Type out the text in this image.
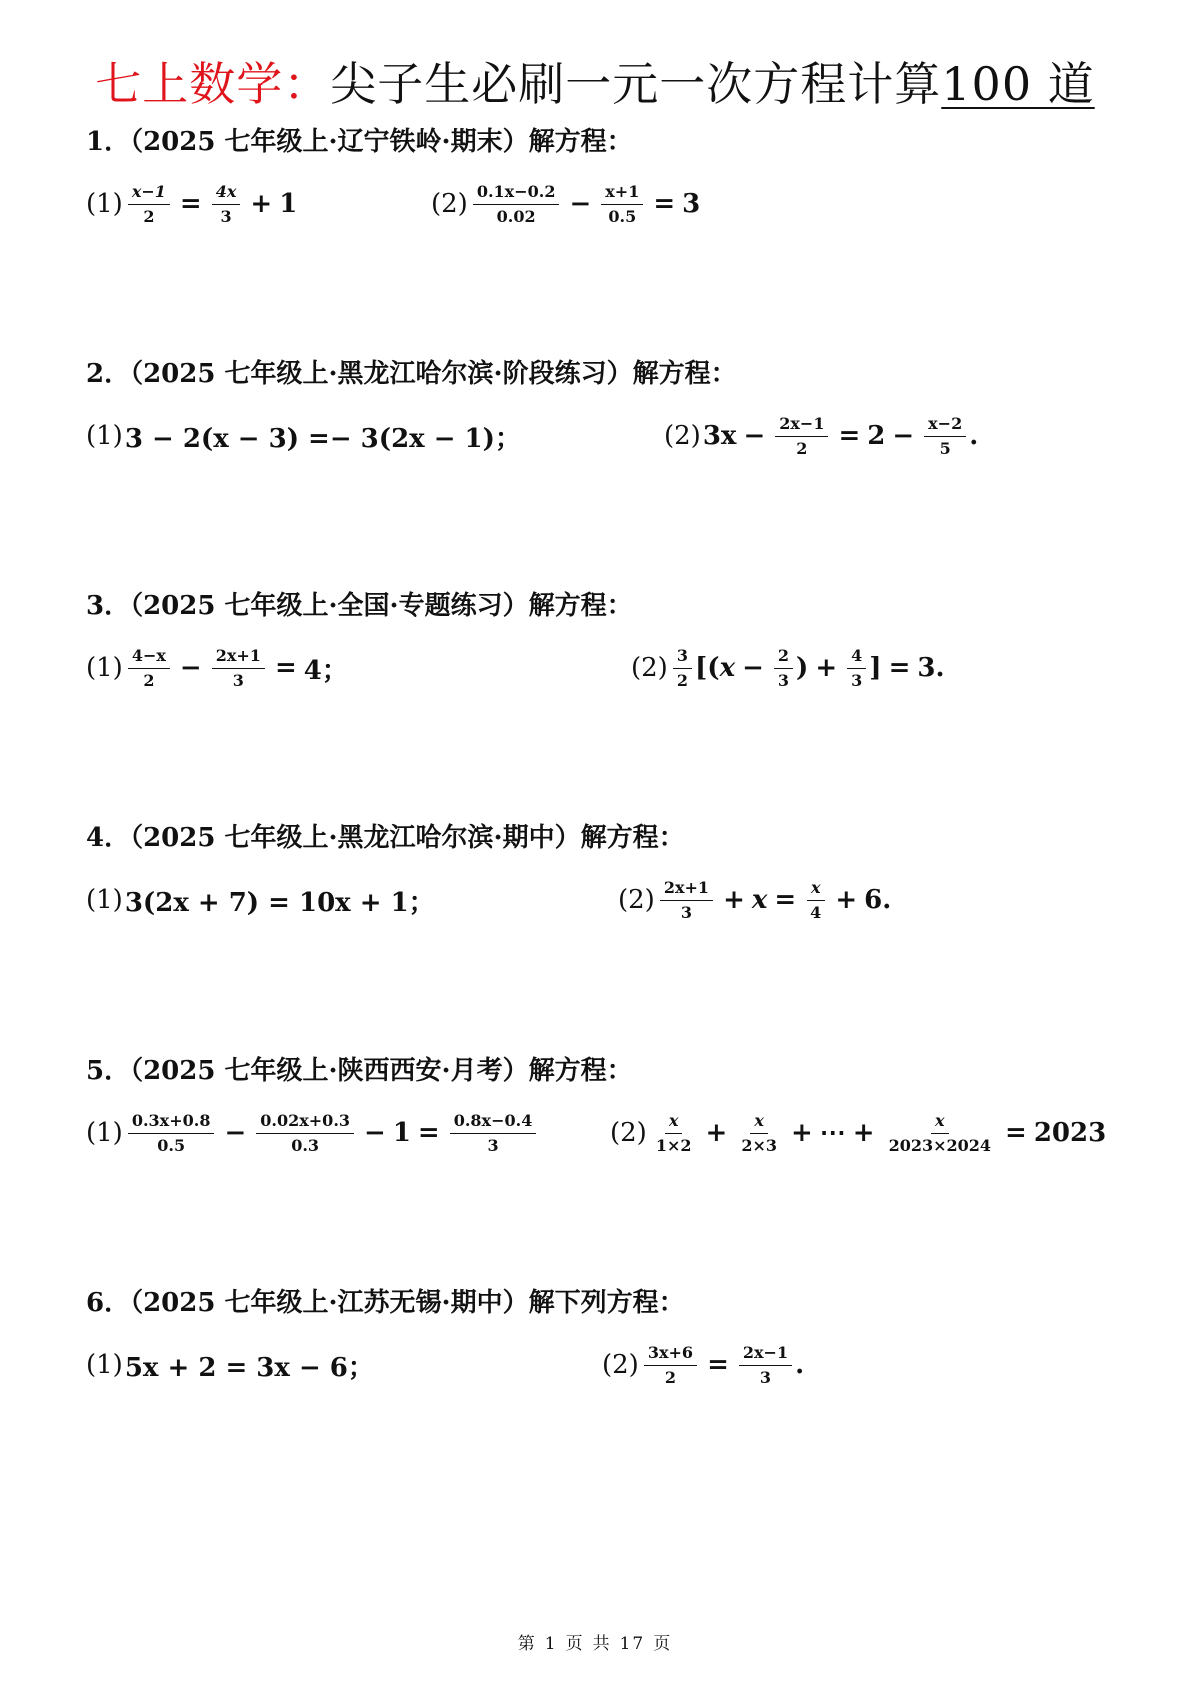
七上数学：尖子生必刷一元一次方程计算100 道
1．（2025 七年级上·辽宁铁岭·期末）解方程：
$(1) \frac{x-1}{2} = \frac{4x}{3} + 1$	$(2) \frac{0.1x-0.2}{0.02} - \frac{x+1}{0.5} = 3$
2．（2025 七年级上·黑龙江哈尔滨·阶段练习）解方程：
(1) 3 − 2(x − 3) =− 3(2x − 1)；	(2) $3x - \frac{2x-1}{2} = 2 - \frac{x-2}{5}$ .
3．（2025 七年级上·全国·专题练习）解方程：
$(1) \frac{4-x}{2} - \frac{2x+1}{3} = 4$；	$(2) \frac{3}{2}$ [( $x - \frac{2}{3}$ ) + $\frac{4}{3}$ ] = 3.
4．（2025 七年级上·黑龙江哈尔滨·期中）解方程：
(1) 3(2x + 7) = 10x + 1；	$(2) \frac{2x+1}{3} + x = \frac{x}{4} + 6$.
5．（2025 七年级上·陕西西安·月考）解方程：
$(1) \frac{0.3x+0.8}{0.5} - \frac{0.02x+0.3}{0.3} - 1 = \frac{0.8x-0.4}{3}$	$(2) \frac{x}{1\times 2} + \frac{x}{2\times 3}$ + ⋯ + $\frac{x}{2023\times 2024} = 2023$
6．（2025 七年级上·江苏无锡·期中）解下列方程：
(1) 5x + 2 = 3x − 6；	$(2) \frac{3x+6}{2} = \frac{2x-1}{3}$ .
第 1 页 共 17 页
